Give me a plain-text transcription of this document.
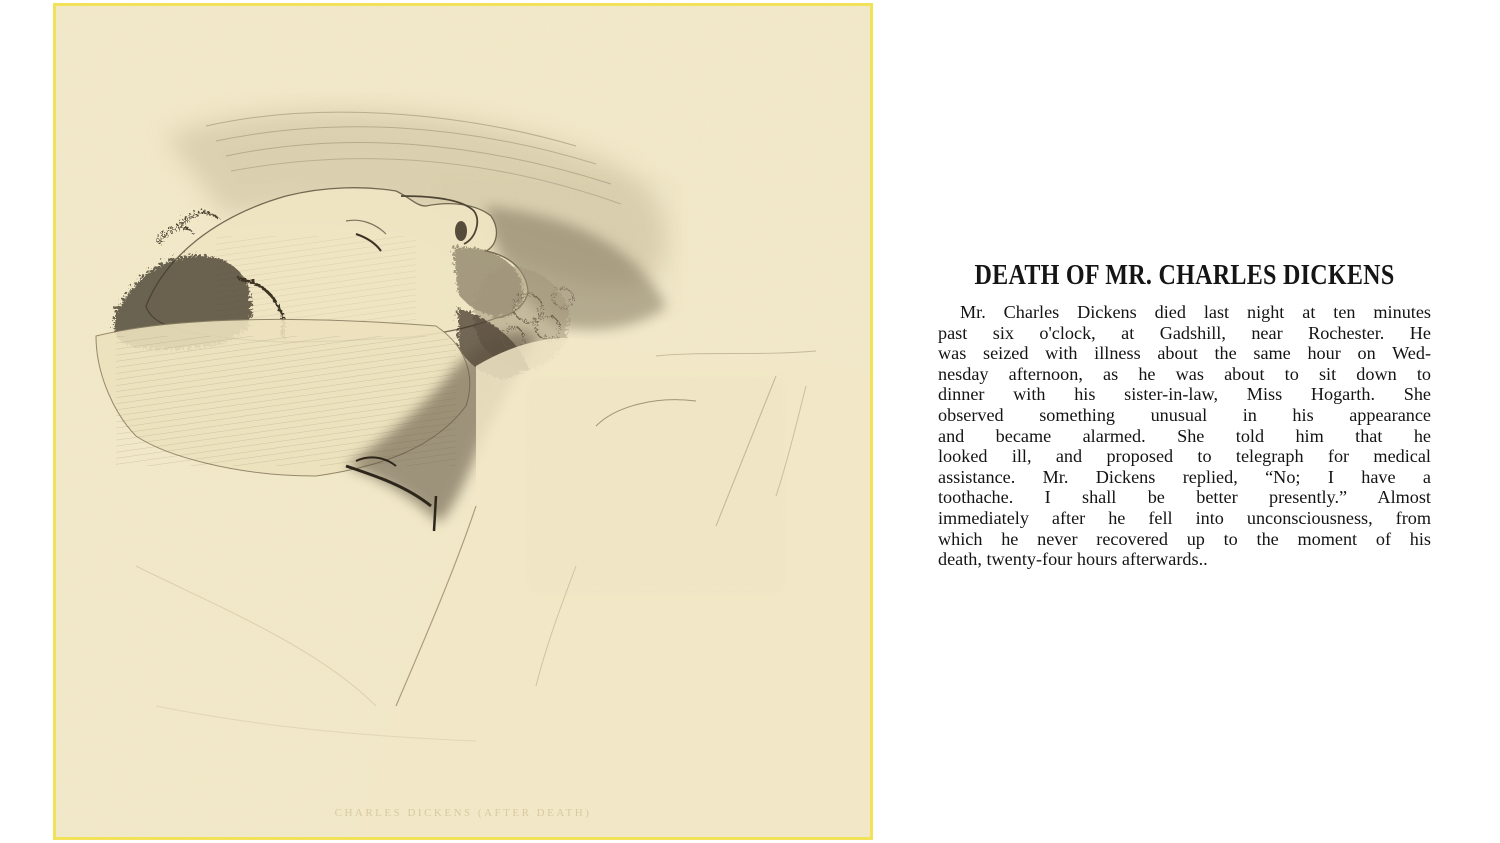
CHARLES DICKENS (AFTER DEATH)
DEATH OF MR. CHARLES DICKENS
Mr. Charles Dickens died last night at ten minutes
past six o'clock, at Gadshill, near Rochester. He
was seized with illness about the same hour on Wed-
nesday afternoon, as he was about to sit down to
dinner with his sister-in-law, Miss Hogarth. She
observed something unusual in his appearance
and became alarmed. She told him that he
looked ill, and proposed to telegraph for medical
assistance. Mr. Dickens replied, “No; I have a
toothache. I shall be better presently.” Almost
immediately after he fell into unconsciousness, from
which he never recovered up to the moment of his
death, twenty-four hours afterwards..
